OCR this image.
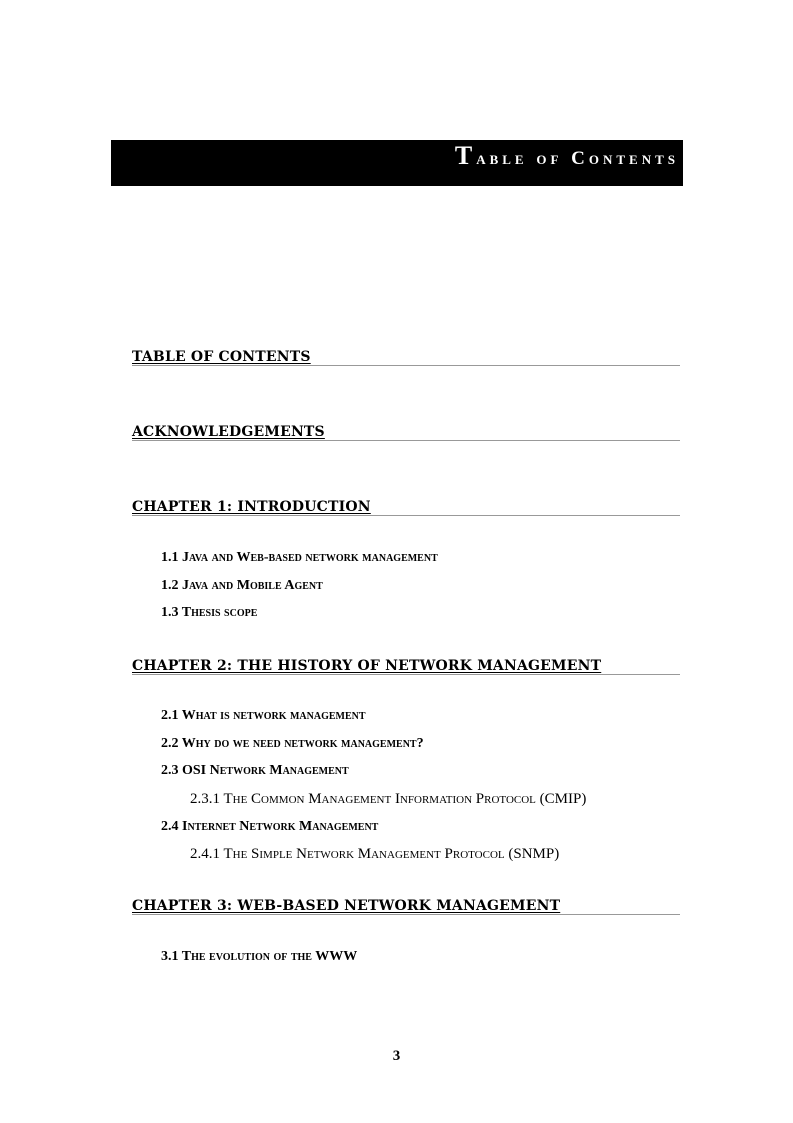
Table of Contents
TABLE OF CONTENTS
ACKNOWLEDGEMENTS
CHAPTER 1: INTRODUCTION
1.1 Java and Web-based network management
1.2 Java and Mobile Agent
1.3 Thesis scope
CHAPTER 2: THE HISTORY OF NETWORK MANAGEMENT
2.1 What is network management
2.2 Why do we need network management?
2.3 OSI Network Management
2.3.1 The Common Management Information Protocol (CMIP)
2.4 Internet Network Management
2.4.1 The Simple Network Management Protocol (SNMP)
CHAPTER 3: WEB-BASED NETWORK MANAGEMENT
3.1 The evolution of the WWW
3
